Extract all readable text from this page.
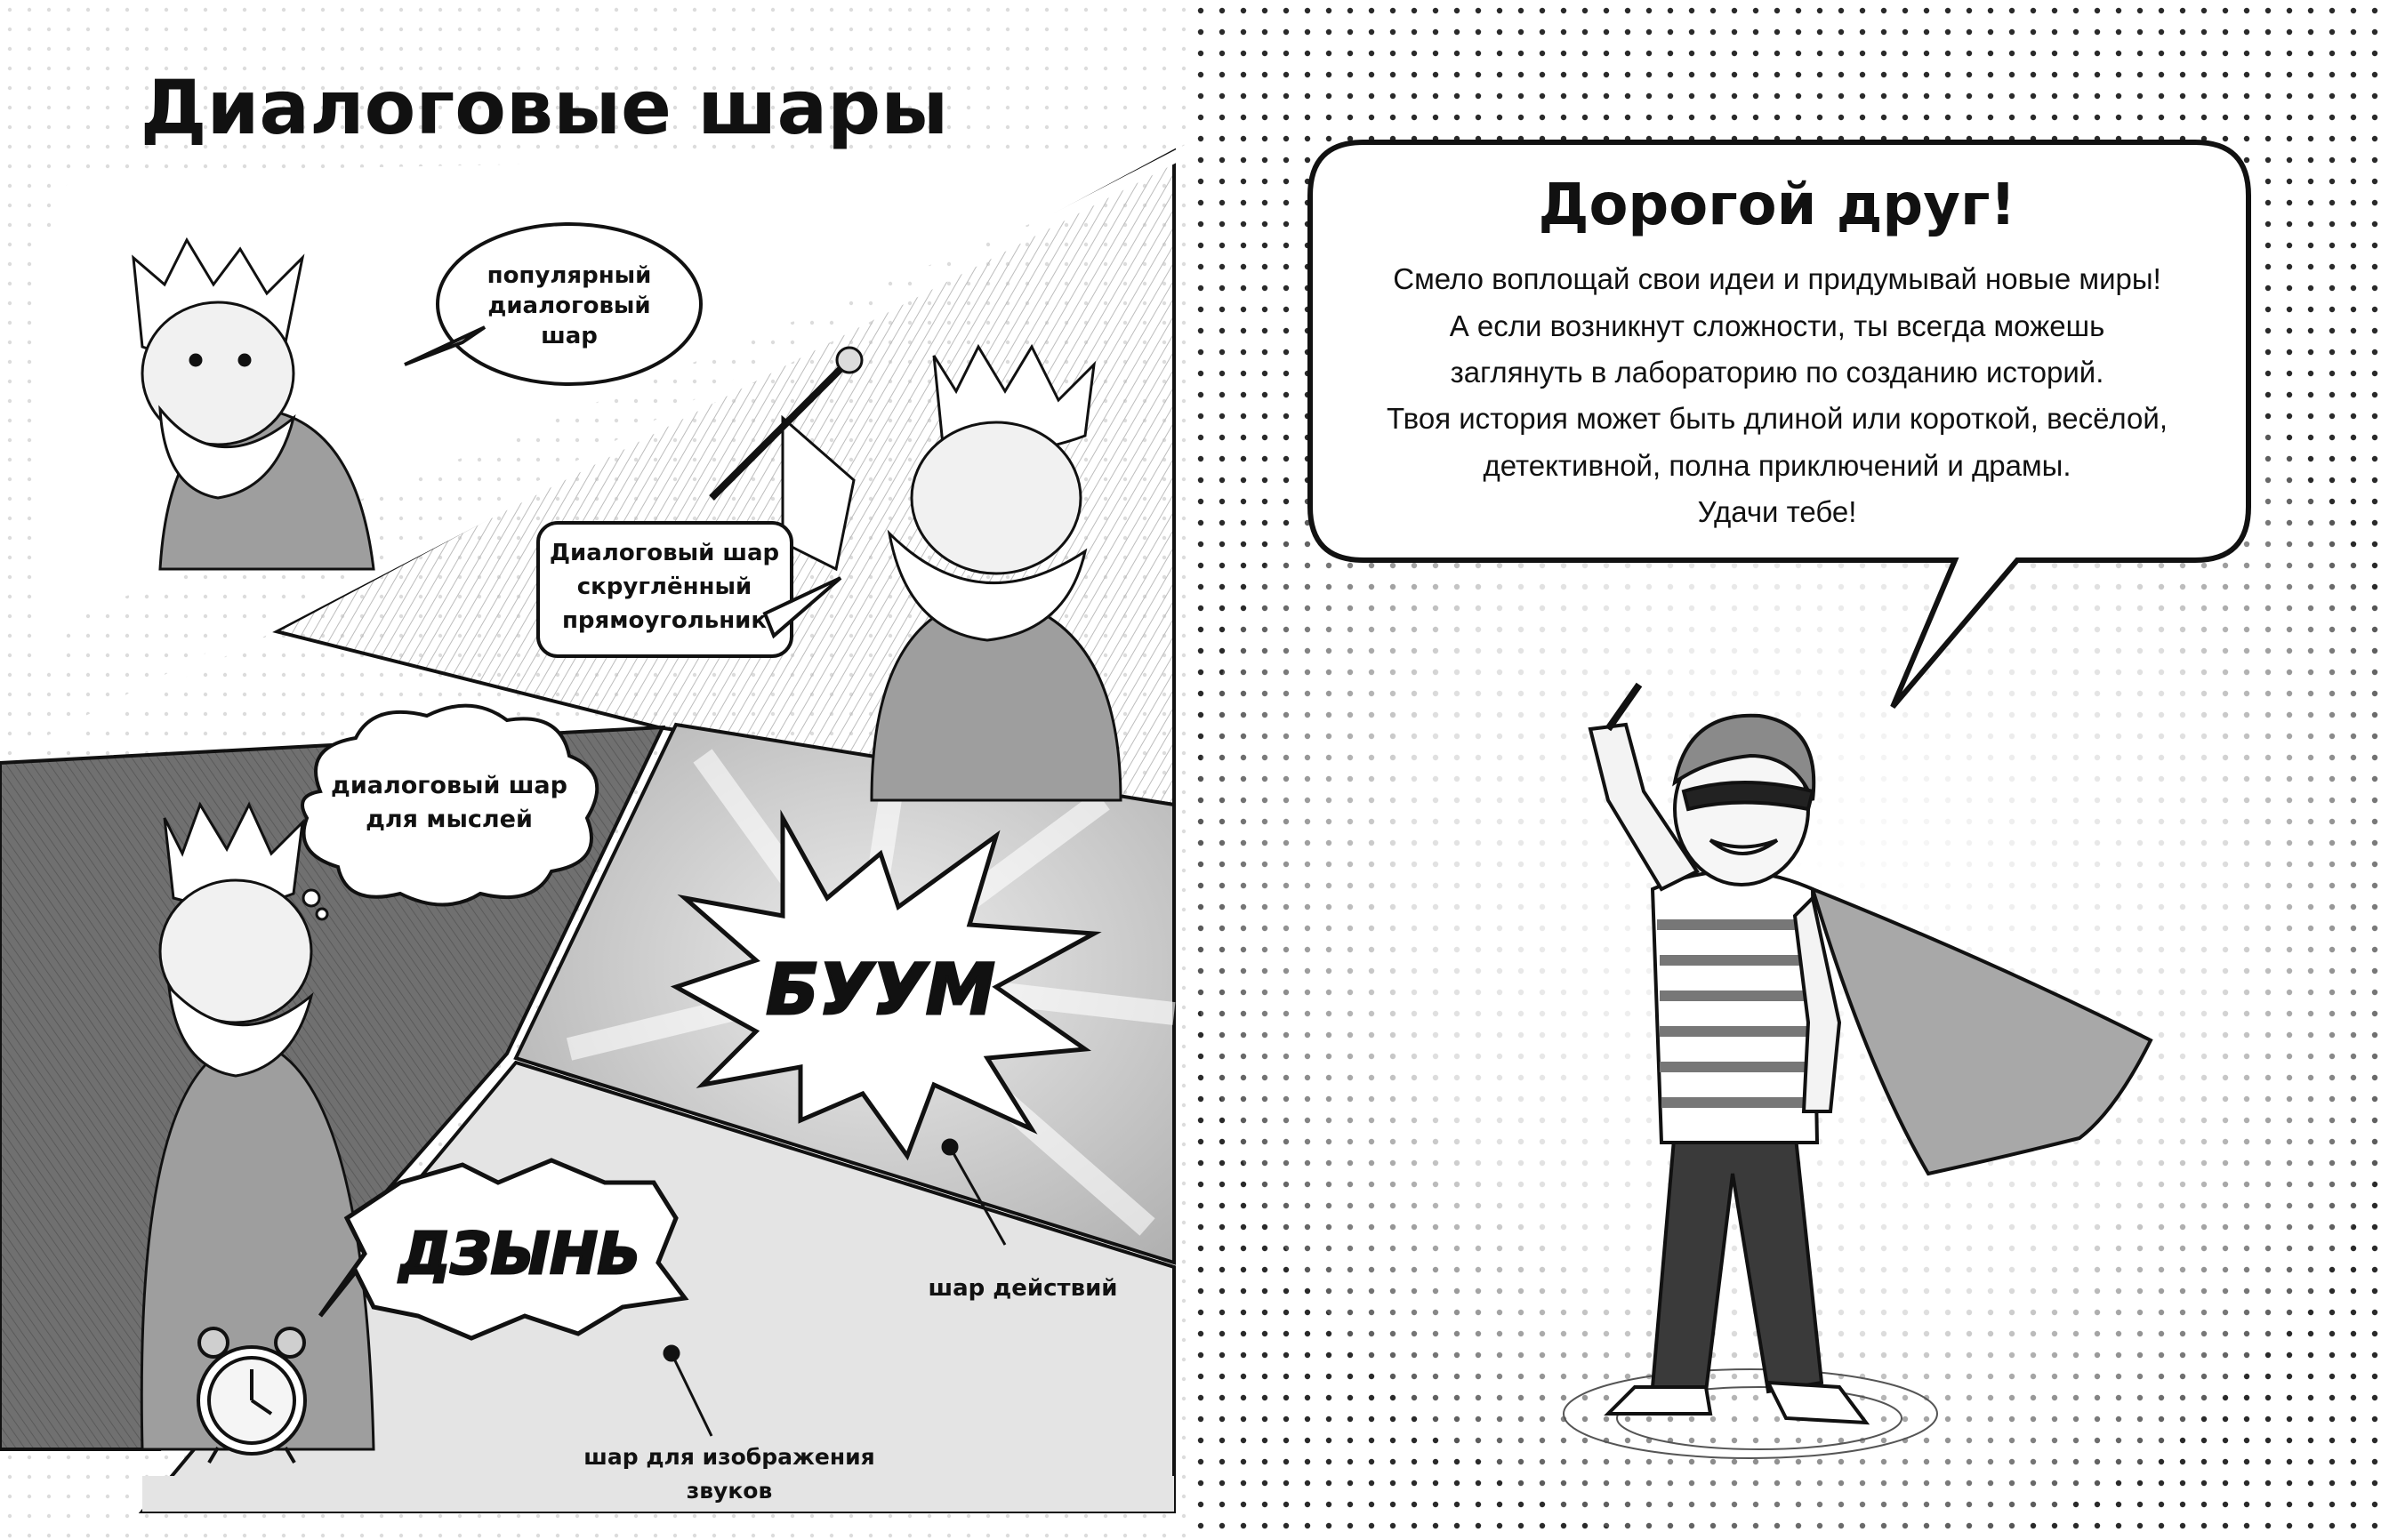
Диалоговые шары
популярный
диалоговый
шар
Диалоговый шар
скруглённый
прямоугольник
диалоговый шар
для мыслей
БУУМ
ДЗЫНЬ
шар действий
шар для изображения
звуков
Дорогой друг!
Смело воплощай свои идеи и придумывай новые миры!
А если возникнут сложности, ты всегда можешь
заглянуть в лабораторию по созданию историй.
Твоя история может быть длиной или короткой, весёлой,
детективной, полна приключений и драмы.
Удачи тебе!
